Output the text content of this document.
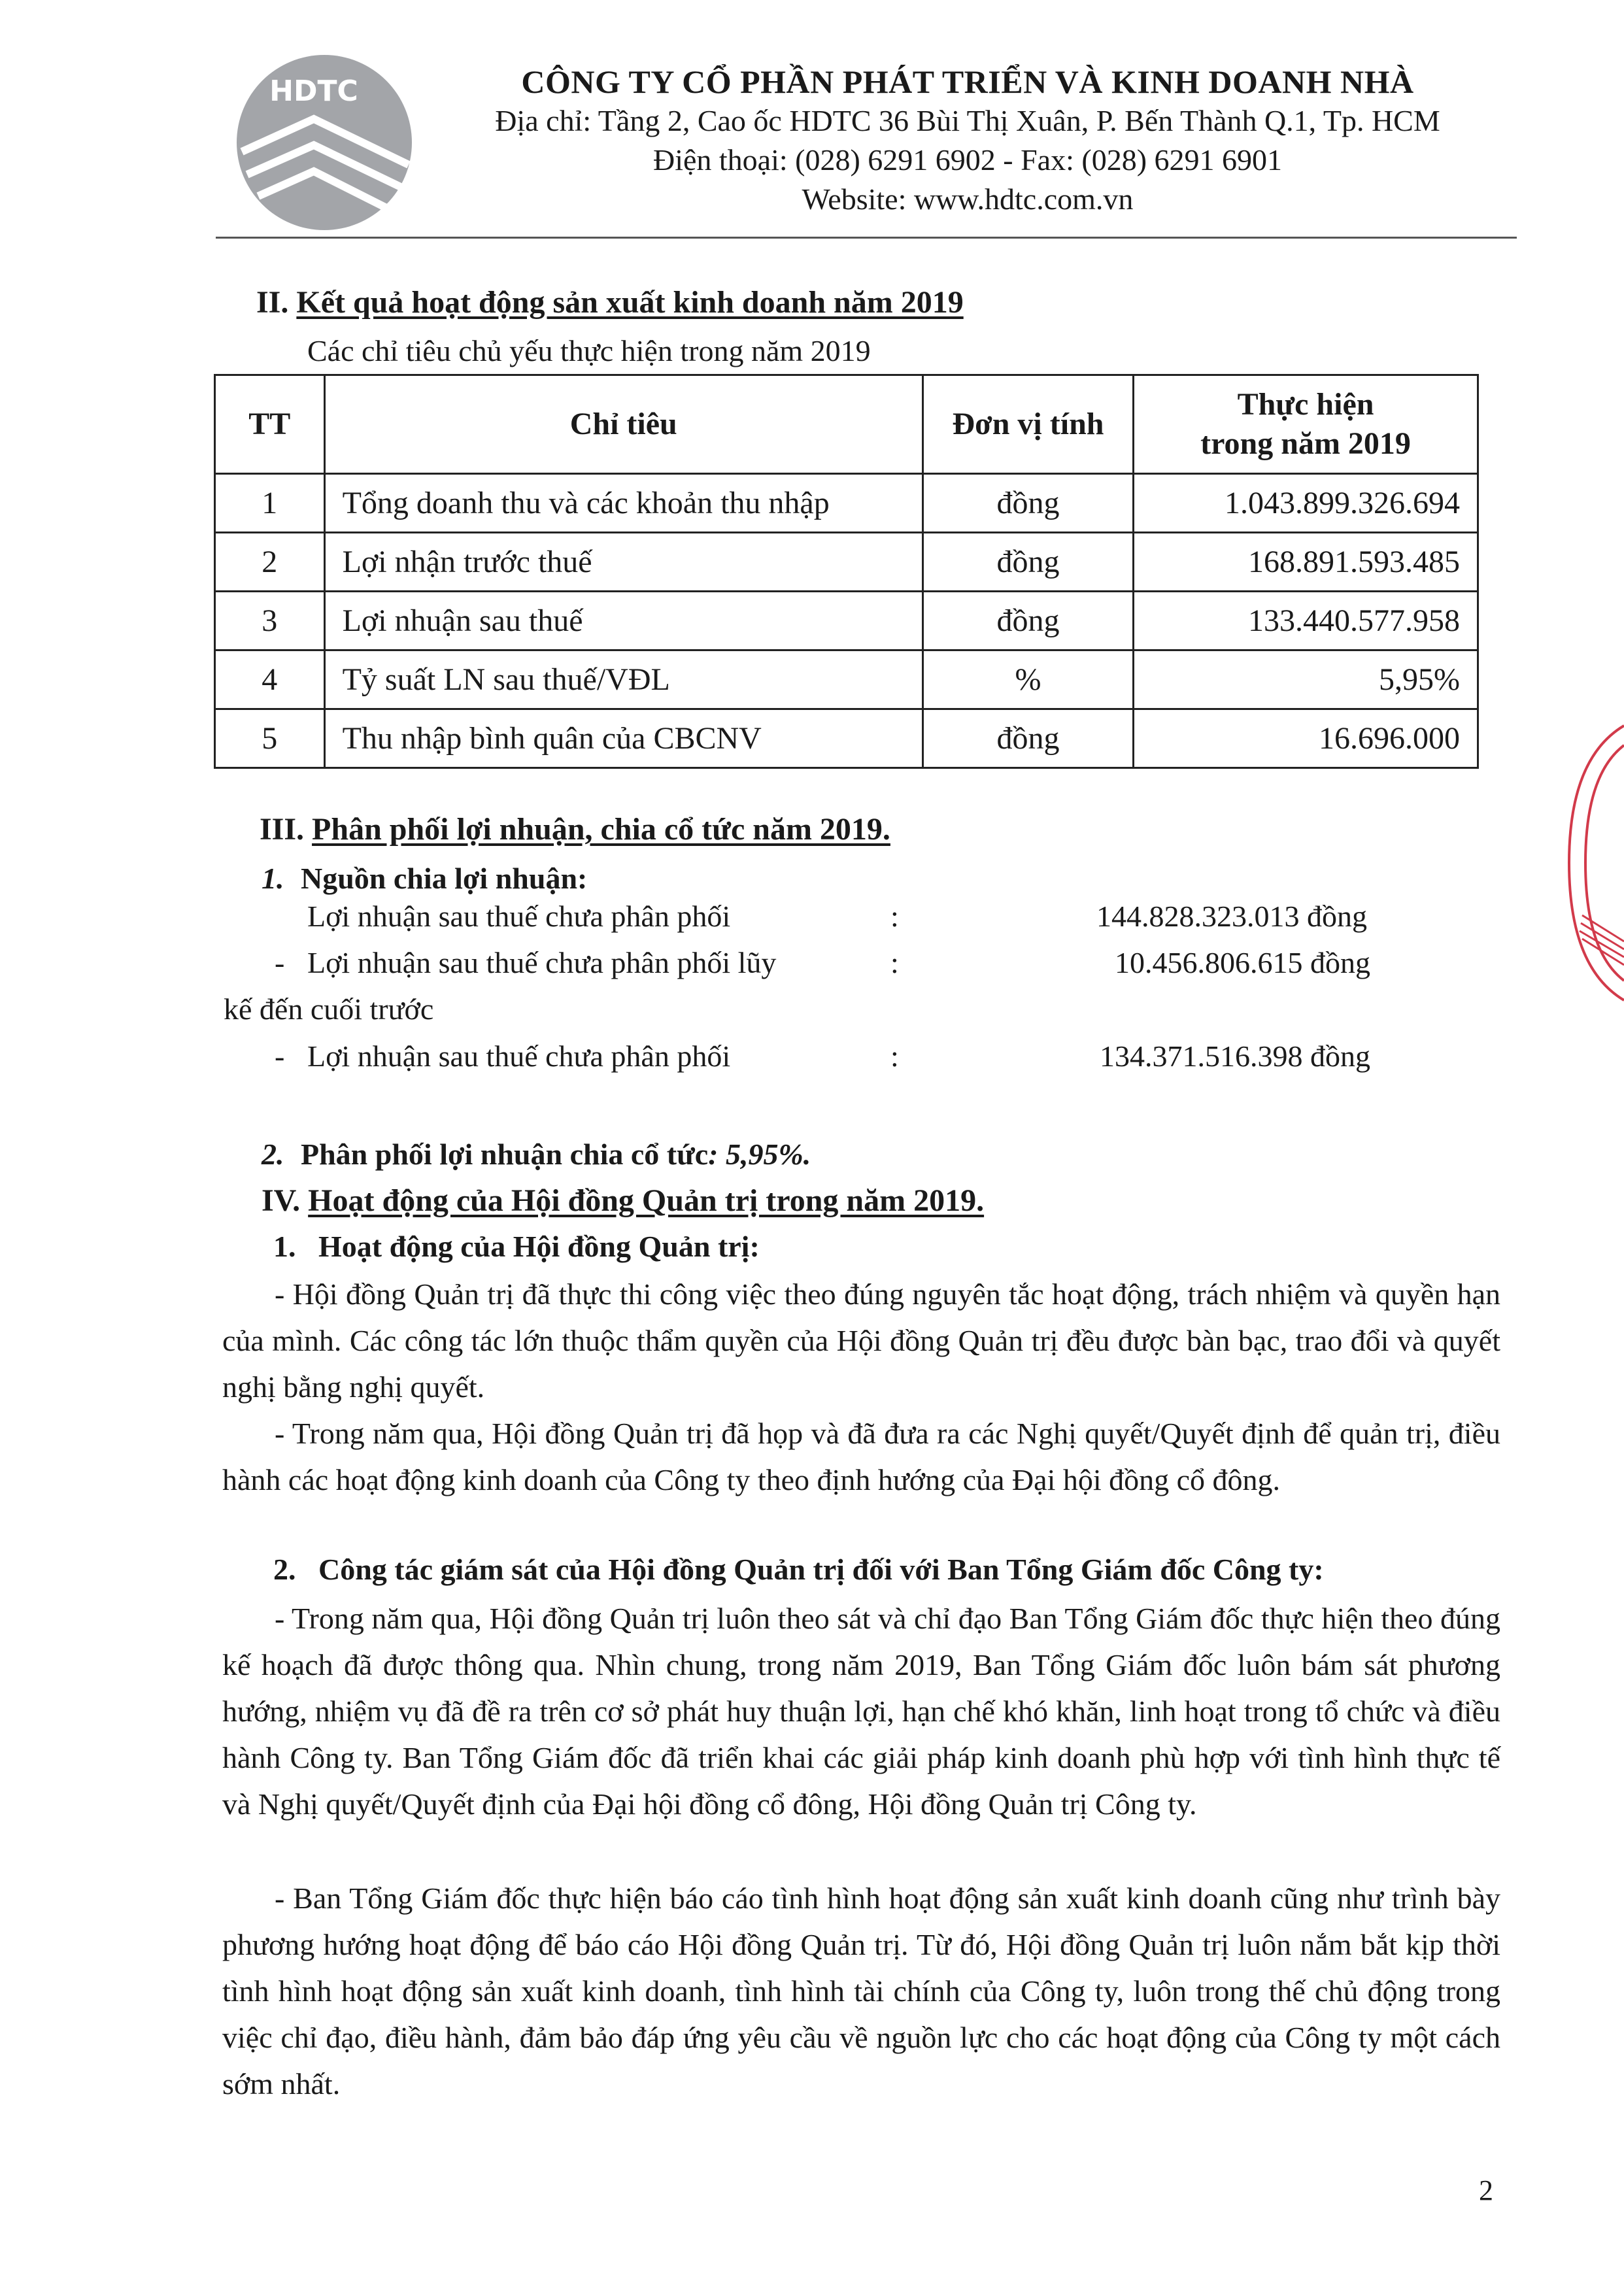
HDTC	CÔNG TY CỔ PHẦN PHÁT TRIỂN VÀ KINH DOANH NHÀ
Địa chỉ: Tầng 2, Cao ốc HDTC 36 Bùi Thị Xuân, P. Bến Thành Q.1, Tp. HCM
Điện thoại: (028) 6291 6902 - Fax: (028) 6291 6901
Website: www.hdtc.com.vn
II. Kết quả hoạt động sản xuất kinh doanh năm 2019
Các chỉ tiêu chủ yếu thực hiện trong năm 2019
TT	Chỉ tiêu	Đơn vị tính	Thực hiện
trong năm 2019

1	Tổng doanh thu và các khoản thu nhập	đồng	1.043.899.326.694
2	Lợi nhận trước thuế	đồng	168.891.593.485
3	Lợi nhuận sau thuế	đồng	133.440.577.958
4	Tỷ suất LN sau thuế/VĐL	%	5,95%
5	Thu nhập bình quân của CBCNV	đồng	16.696.000
III. Phân phối lợi nhuận, chia cổ tức năm 2019.
1. Nguồn chia lợi nhuận:
Lợi nhuận sau thuế chưa phân phối	:	144.828.323.013 đồng
- Lợi nhuận sau thuế chưa phân phối lũy	:	10.456.806.615 đồng
kế đến cuối trước
- Lợi nhuận sau thuế chưa phân phối	:	134.371.516.398 đồng
2. Phân phối lợi nhuận chia cổ tức: 5,95%.
IV. Hoạt động của Hội đồng Quản trị trong năm 2019.
1.   Hoạt động của Hội đồng Quản trị:
- Hội đồng Quản trị đã thực thi công việc theo đúng nguyên tắc hoạt động, trách nhiệm và quyền hạn của mình. Các công tác lớn thuộc thẩm quyền của Hội đồng Quản trị đều được bàn bạc, trao đổi và quyết nghị bằng nghị quyết.
- Trong năm qua, Hội đồng Quản trị đã họp và đã đưa ra các Nghị quyết/Quyết định để quản trị, điều hành các hoạt động kinh doanh của Công ty theo định hướng của Đại hội đồng cổ đông.
2.   Công tác giám sát của Hội đồng Quản trị đối với Ban Tổng Giám đốc Công ty:
- Trong năm qua, Hội đồng Quản trị luôn theo sát và chỉ đạo Ban Tổng Giám đốc thực hiện theo đúng kế hoạch đã được thông qua. Nhìn chung, trong năm 2019, Ban Tổng Giám đốc luôn bám sát phương hướng, nhiệm vụ đã đề ra trên cơ sở phát huy thuận lợi, hạn chế khó khăn, linh hoạt trong tổ chức và điều hành Công ty. Ban Tổng Giám đốc đã triển khai các giải pháp kinh doanh phù hợp với tình hình thực tế và Nghị quyết/Quyết định của Đại hội đồng cổ đông, Hội đồng Quản trị Công ty.
- Ban Tổng Giám đốc thực hiện báo cáo tình hình hoạt động sản xuất kinh doanh cũng như trình bày phương hướng hoạt động để báo cáo Hội đồng Quản trị. Từ đó, Hội đồng Quản trị luôn nắm bắt kịp thời tình hình hoạt động sản xuất kinh doanh, tình hình tài chính của Công ty, luôn trong thế chủ động trong việc chỉ đạo, điều hành, đảm bảo đáp ứng yêu cầu về nguồn lực cho các hoạt động của Công ty một cách sớm nhất.
2
